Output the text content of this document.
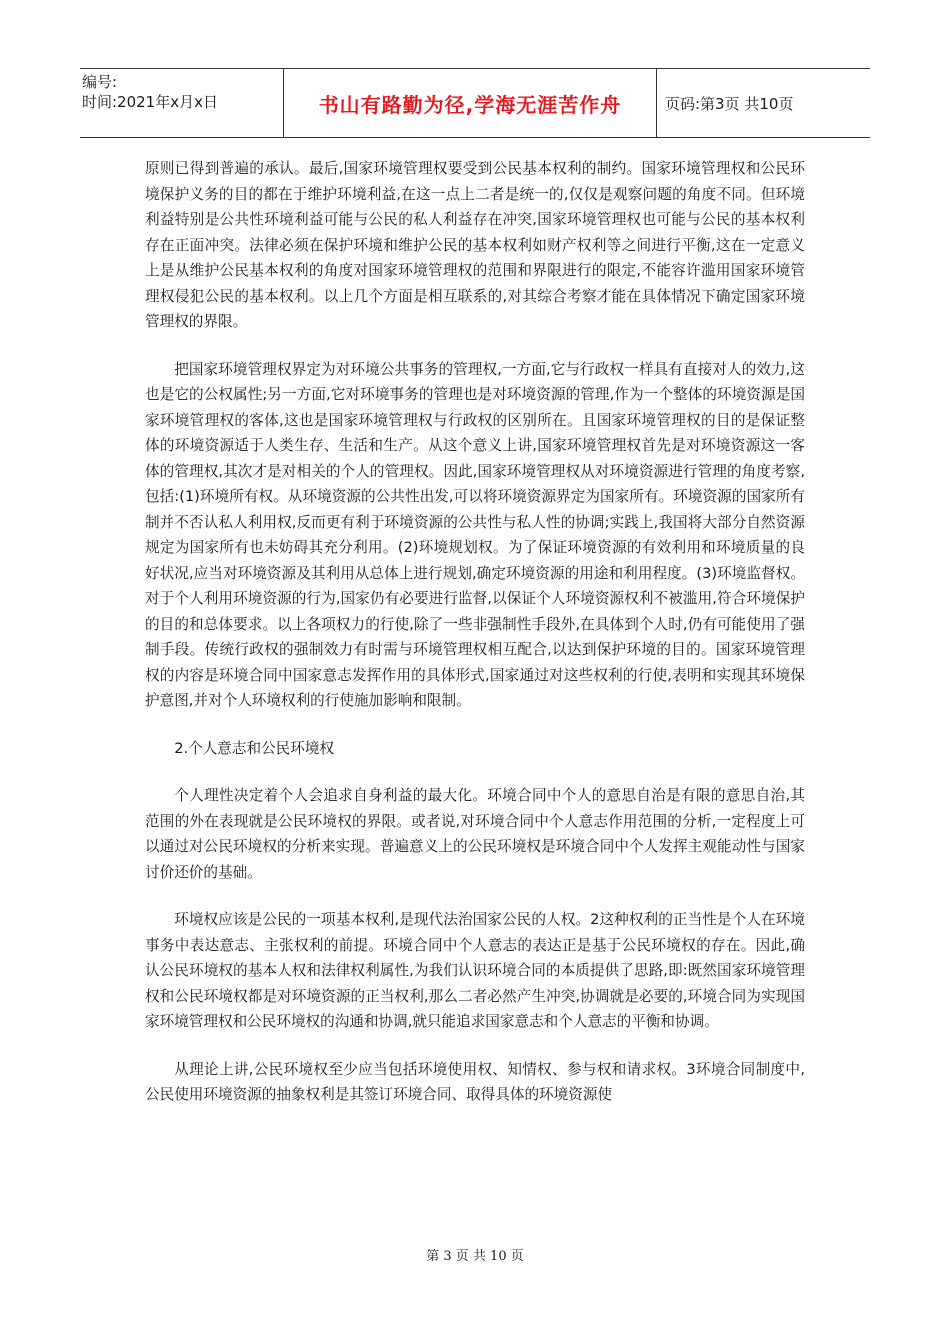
编号:
时间:2021年x月x日	书山有路勤为径,学海无涯苦作舟	页码:第3页 共10页

原则已得到普遍的承认。最后,国家环境管理权要受到公民基本权利的制约。国家环境管理权和公民环境保护义务的目的都在于维护环境利益,在这一点上二者是统一的,仅仅是观察问题的角度不同。但环境利益特别是公共性环境利益可能与公民的私人利益存在冲突,国家环境管理权也可能与公民的基本权利存在正面冲突。法律必须在保护环境和维护公民的基本权利如财产权利等之间进行平衡,这在一定意义上是从维护公民基本权利的角度对国家环境管理权的范围和界限进行的限定,不能容许滥用国家环境管理权侵犯公民的基本权利。以上几个方面是相互联系的,对其综合考察才能在具体情况下确定国家环境管理权的界限。

把国家环境管理权界定为对环境公共事务的管理权,一方面,它与行政权一样具有直接对人的效力,这也是它的公权属性;另一方面,它对环境事务的管理也是对环境资源的管理,作为一个整体的环境资源是国家环境管理权的客体,这也是国家环境管理权与行政权的区别所在。且国家环境管理权的目的是保证整体的环境资源适于人类生存、生活和生产。从这个意义上讲,国家环境管理权首先是对环境资源这一客体的管理权,其次才是对相关的个人的管理权。因此,国家环境管理权从对环境资源进行管理的角度考察,包括:(1)环境所有权。从环境资源的公共性出发,可以将环境资源界定为国家所有。环境资源的国家所有制并不否认私人利用权,反而更有利于环境资源的公共性与私人性的协调;实践上,我国将大部分自然资源规定为国家所有也未妨碍其充分利用。(2)环境规划权。为了保证环境资源的有效利用和环境质量的良好状况,应当对环境资源及其利用从总体上进行规划,确定环境资源的用途和利用程度。(3)环境监督权。对于个人利用环境资源的行为,国家仍有必要进行监督,以保证个人环境资源权利不被滥用,符合环境保护的目的和总体要求。以上各项权力的行使,除了一些非强制性手段外,在具体到个人时,仍有可能使用了强制手段。传统行政权的强制效力有时需与环境管理权相互配合,以达到保护环境的目的。国家环境管理权的内容是环境合同中国家意志发挥作用的具体形式,国家通过对这些权利的行使,表明和实现其环境保护意图,并对个人环境权利的行使施加影响和限制。

2.个人意志和公民环境权

个人理性决定着个人会追求自身利益的最大化。环境合同中个人的意思自治是有限的意思自治,其范围的外在表现就是公民环境权的界限。或者说,对环境合同中个人意志作用范围的分析,一定程度上可以通过对公民环境权的分析来实现。普遍意义上的公民环境权是环境合同中个人发挥主观能动性与国家讨价还价的基础。

环境权应该是公民的一项基本权利,是现代法治国家公民的人权。2这种权利的正当性是个人在环境事务中表达意志、主张权利的前提。环境合同中个人意志的表达正是基于公民环境权的存在。因此,确认公民环境权的基本人权和法律权利属性,为我们认识环境合同的本质提供了思路,即:既然国家环境管理权和公民环境权都是对环境资源的正当权利,那么二者必然产生冲突,协调就是必要的,环境合同为实现国家环境管理权和公民环境权的沟通和协调,就只能追求国家意志和个人意志的平衡和协调。

从理论上讲,公民环境权至少应当包括环境使用权、知情权、参与权和请求权。3环境合同制度中,公民使用环境资源的抽象权利是其签订环境合同、取得具体的环境资源使

第 3 页 共 10 页
